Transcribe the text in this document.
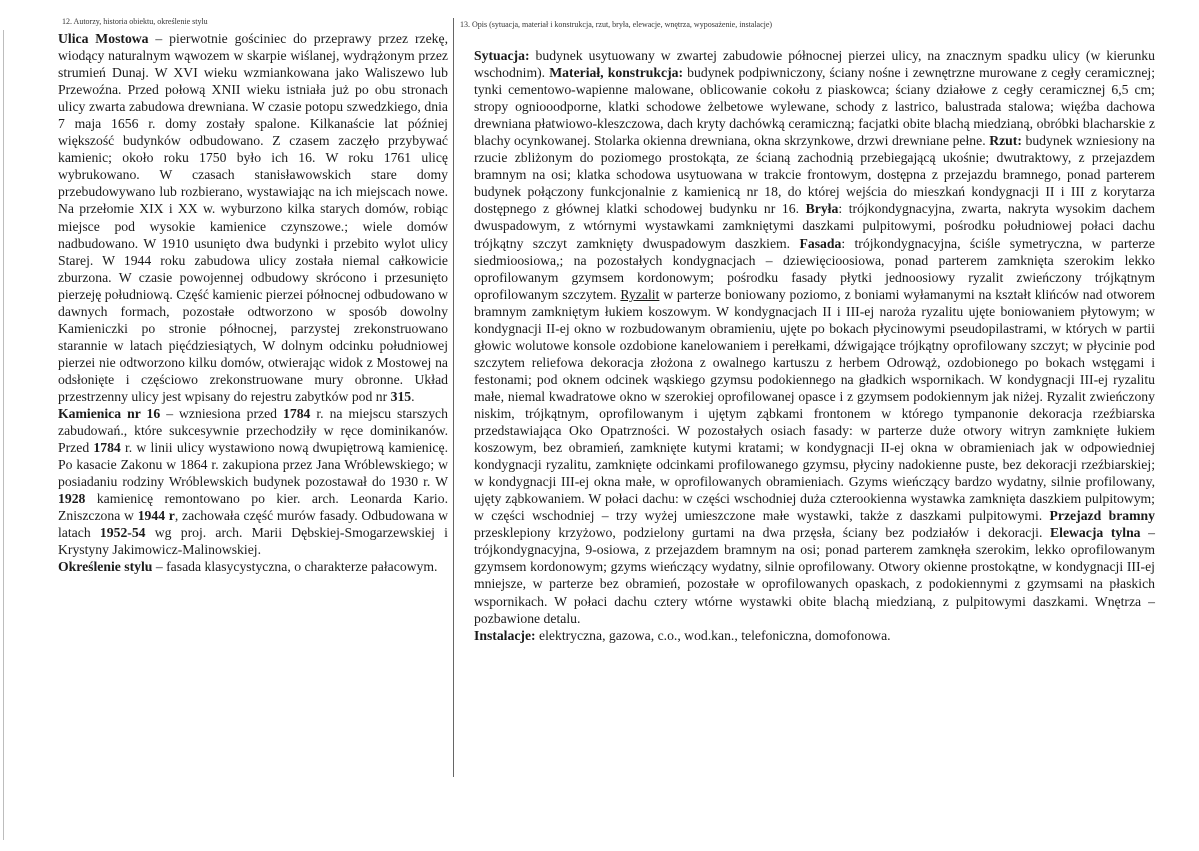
12. Autorzy, historia obiektu, określenie stylu	13. Opis (sytuacja, materiał i konstrukcja, rzut, bryła, elewacje, wnętrza, wyposażenie, instalacje)

Ulica Mostowa – pierwotnie gościniec do przeprawy przez rzekę, wiodący naturalnym wąwozem w skarpie wiślanej, wydrążonym przez strumień Dunaj. W XVI wieku wzmiankowana jako Waliszewo lub Przewoźna. Przed połową XNII wieku istniała już po obu stronach ulicy zwarta zabudowa drewniana. W czasie potopu szwedzkiego, dnia 7 maja 1656 r. domy zostały spalone. Kilkanaście lat później większość budynków odbudowano. Z czasem zaczęło przybywać kamienic; około roku 1750 było ich 16. W roku 1761 ulicę wybrukowano. W czasach stanisławowskich stare domy przebudowywano lub rozbierano, wystawiając na ich miejscach nowe. Na przełomie XIX i XX w. wyburzono kilka starych domów, robiąc miejsce pod wysokie kamienice czynszowe.; wiele domów nadbudowano. W 1910 usunięto dwa budynki i przebito wylot ulicy Starej. W 1944 roku zabudowa ulicy została niemal całkowicie zburzona. W czasie powojennej odbudowy skrócono i przesunięto pierzeję południową. Część kamienic pierzei północnej odbudowano w dawnych formach, pozostałe odtworzono w sposób dowolny Kamieniczki po stronie północnej, parzystej zrekonstruowano starannie w latach pięćdziesiątych, W dolnym odcinku południowej pierzei nie odtworzono kilku domów, otwierając widok z Mostowej na odsłonięte i częściowo zrekonstruowane mury obronne. Układ przestrzenny ulicy jest wpisany do rejestru zabytków pod nr 315.

Kamienica nr 16 – wzniesiona przed 1784 r. na miejscu starszych zabudowań., które sukcesywnie przechodziły w ręce dominikanów. Przed 1784 r. w linii ulicy wystawiono nową dwupiętrową kamienicę. Po kasacie Zakonu w 1864 r. zakupiona przez Jana Wróblewskiego; w posiadaniu rodziny Wróblewskich budynek pozostawał do 1930 r. W 1928 kamienicę remontowano po kier. arch. Leonarda Kario. Zniszczona w 1944 r, zachowała część murów fasady. Odbudowana w latach 1952-54 wg proj. arch. Marii Dębskiej-Smogarzewskiej i Krystyny Jakimowicz-Malinowskiej.

Określenie stylu – fasada klasycystyczna, o charakterze pałacowym.

Sytuacja: budynek usytuowany w zwartej zabudowie północnej pierzei ulicy, na znacznym spadku ulicy (w kierunku wschodnim). Materiał, konstrukcja: budynek podpiwniczony, ściany nośne i zewnętrzne murowane z cegły ceramicznej; tynki cementowo-wapienne malowane, oblicowanie cokołu z piaskowca; ściany działowe z cegły ceramicznej 6,5 cm; stropy ogniooodporne, klatki schodowe żelbetowe wylewane, schody z lastrico, balustrada stalowa; więźba dachowa drewniana płatwiowo-kleszczowa, dach kryty dachówką ceramiczną; facjatki obite blachą miedzianą, obróbki blacharskie z blachy ocynkowanej. Stolarka okienna drewniana, okna skrzynkowe, drzwi drewniane pełne. Rzut: budynek wzniesiony na rzucie zbliżonym do poziomego prostokąta, ze ścianą zachodnią przebiegającą ukośnie; dwutraktowy, z przejazdem bramnym na osi; klatka schodowa usytuowana w trakcie frontowym, dostępna z przejazdu bramnego, ponad parterem budynek połączony funkcjonalnie z kamienicą nr 18, do której wejścia do mieszkań kondygnacji II i III z korytarza dostępnego z głównej klatki schodowej budynku nr 16. Bryła: trójkondygnacyjna, zwarta, nakryta wysokim dachem dwuspadowym, z wtórnymi wystawkami zamkniętymi daszkami pulpitowymi, pośrodku południowej połaci dachu trójkątny szczyt zamknięty dwuspadowym daszkiem. Fasada: trójkondygnacyjna, ściśle symetryczna, w parterze siedmioosiowa,; na pozostałych kondygnacjach – dziewięcioosiowa, ponad parterem zamknięta szerokim lekko oprofilowanym gzymsem kordonowym; pośrodku fasady płytki jednoosiowy ryzalit zwieńczony trójkątnym oprofilowanym szczytem. Ryzalit w parterze boniowany poziomo, z boniami wyłamanymi na kształt klińców nad otworem bramnym zamkniętym łukiem koszowym. W kondygnacjach II i III-ej naroża ryzalitu ujęte boniowaniem płytowym; w kondygnacji II-ej okno w rozbudowanym obramieniu, ujęte po bokach płycinowymi pseudopilastrami, w których w partii głowic wolutowe konsole ozdobione kanelowaniem i perełkami, dźwigające trójkątny oprofilowany szczyt; w płycinie pod szczytem reliefowa dekoracja złożona z owalnego kartuszu z herbem Odrowąż, ozdobionego po bokach wstęgami i festonami; pod oknem odcinek wąskiego gzymsu podokiennego na gładkich wspornikach. W kondygnacji III-ej ryzalitu małe, niemal kwadratowe okno w szerokiej oprofilowanej opasce i z gzymsem podokiennym jak niżej. Ryzalit zwieńczony niskim, trójkątnym, oprofilowanym i ujętym ząbkami frontonem w którego tympanonie dekoracja rzeźbiarska przedstawiająca Oko Opatrzności. W pozostałych osiach fasady: w parterze duże otwory witryn zamknięte łukiem koszowym, bez obramień, zamknięte kutymi kratami; w kondygnacji II-ej okna w obramieniach jak w odpowiedniej kondygnacji ryzalitu, zamknięte odcinkami profilowanego gzymsu, płyciny nadokienne puste, bez dekoracji rzeźbiarskiej; w kondygnacji III-ej okna małe, w oprofilowanych obramieniach. Gzyms wieńczący bardzo wydatny, silnie profilowany, ujęty ząbkowaniem. W połaci dachu: w części wschodniej duża czterookienna wystawka zamknięta daszkiem pulpitowym; w części wschodniej – trzy wyżej umieszczone małe wystawki, także z daszkami pulpitowymi. Przejazd bramny przesklepiony krzyżowo, podzielony gurtami na dwa przęsła, ściany bez podziałów i dekoracji. Elewacja tylna – trójkondygnacyjna, 9-osiowa, z przejazdem bramnym na osi; ponad parterem zamknęła szerokim, lekko oprofilowanym gzymsem kordonowym; gzyms wieńczący wydatny, silnie oprofilowany. Otwory okienne prostokątne, w kondygnacji III-ej mniejsze, w parterze bez obramień, pozostałe w oprofilowanych opaskach, z podokiennymi z gzymsami na płaskich wspornikach. W połaci dachu cztery wtórne wystawki obite blachą miedzianą, z pulpitowymi daszkami. Wnętrza – pozbawione detalu.

Instalacje: elektryczna, gazowa, c.o., wod.kan., telefoniczna, domofonowa.
